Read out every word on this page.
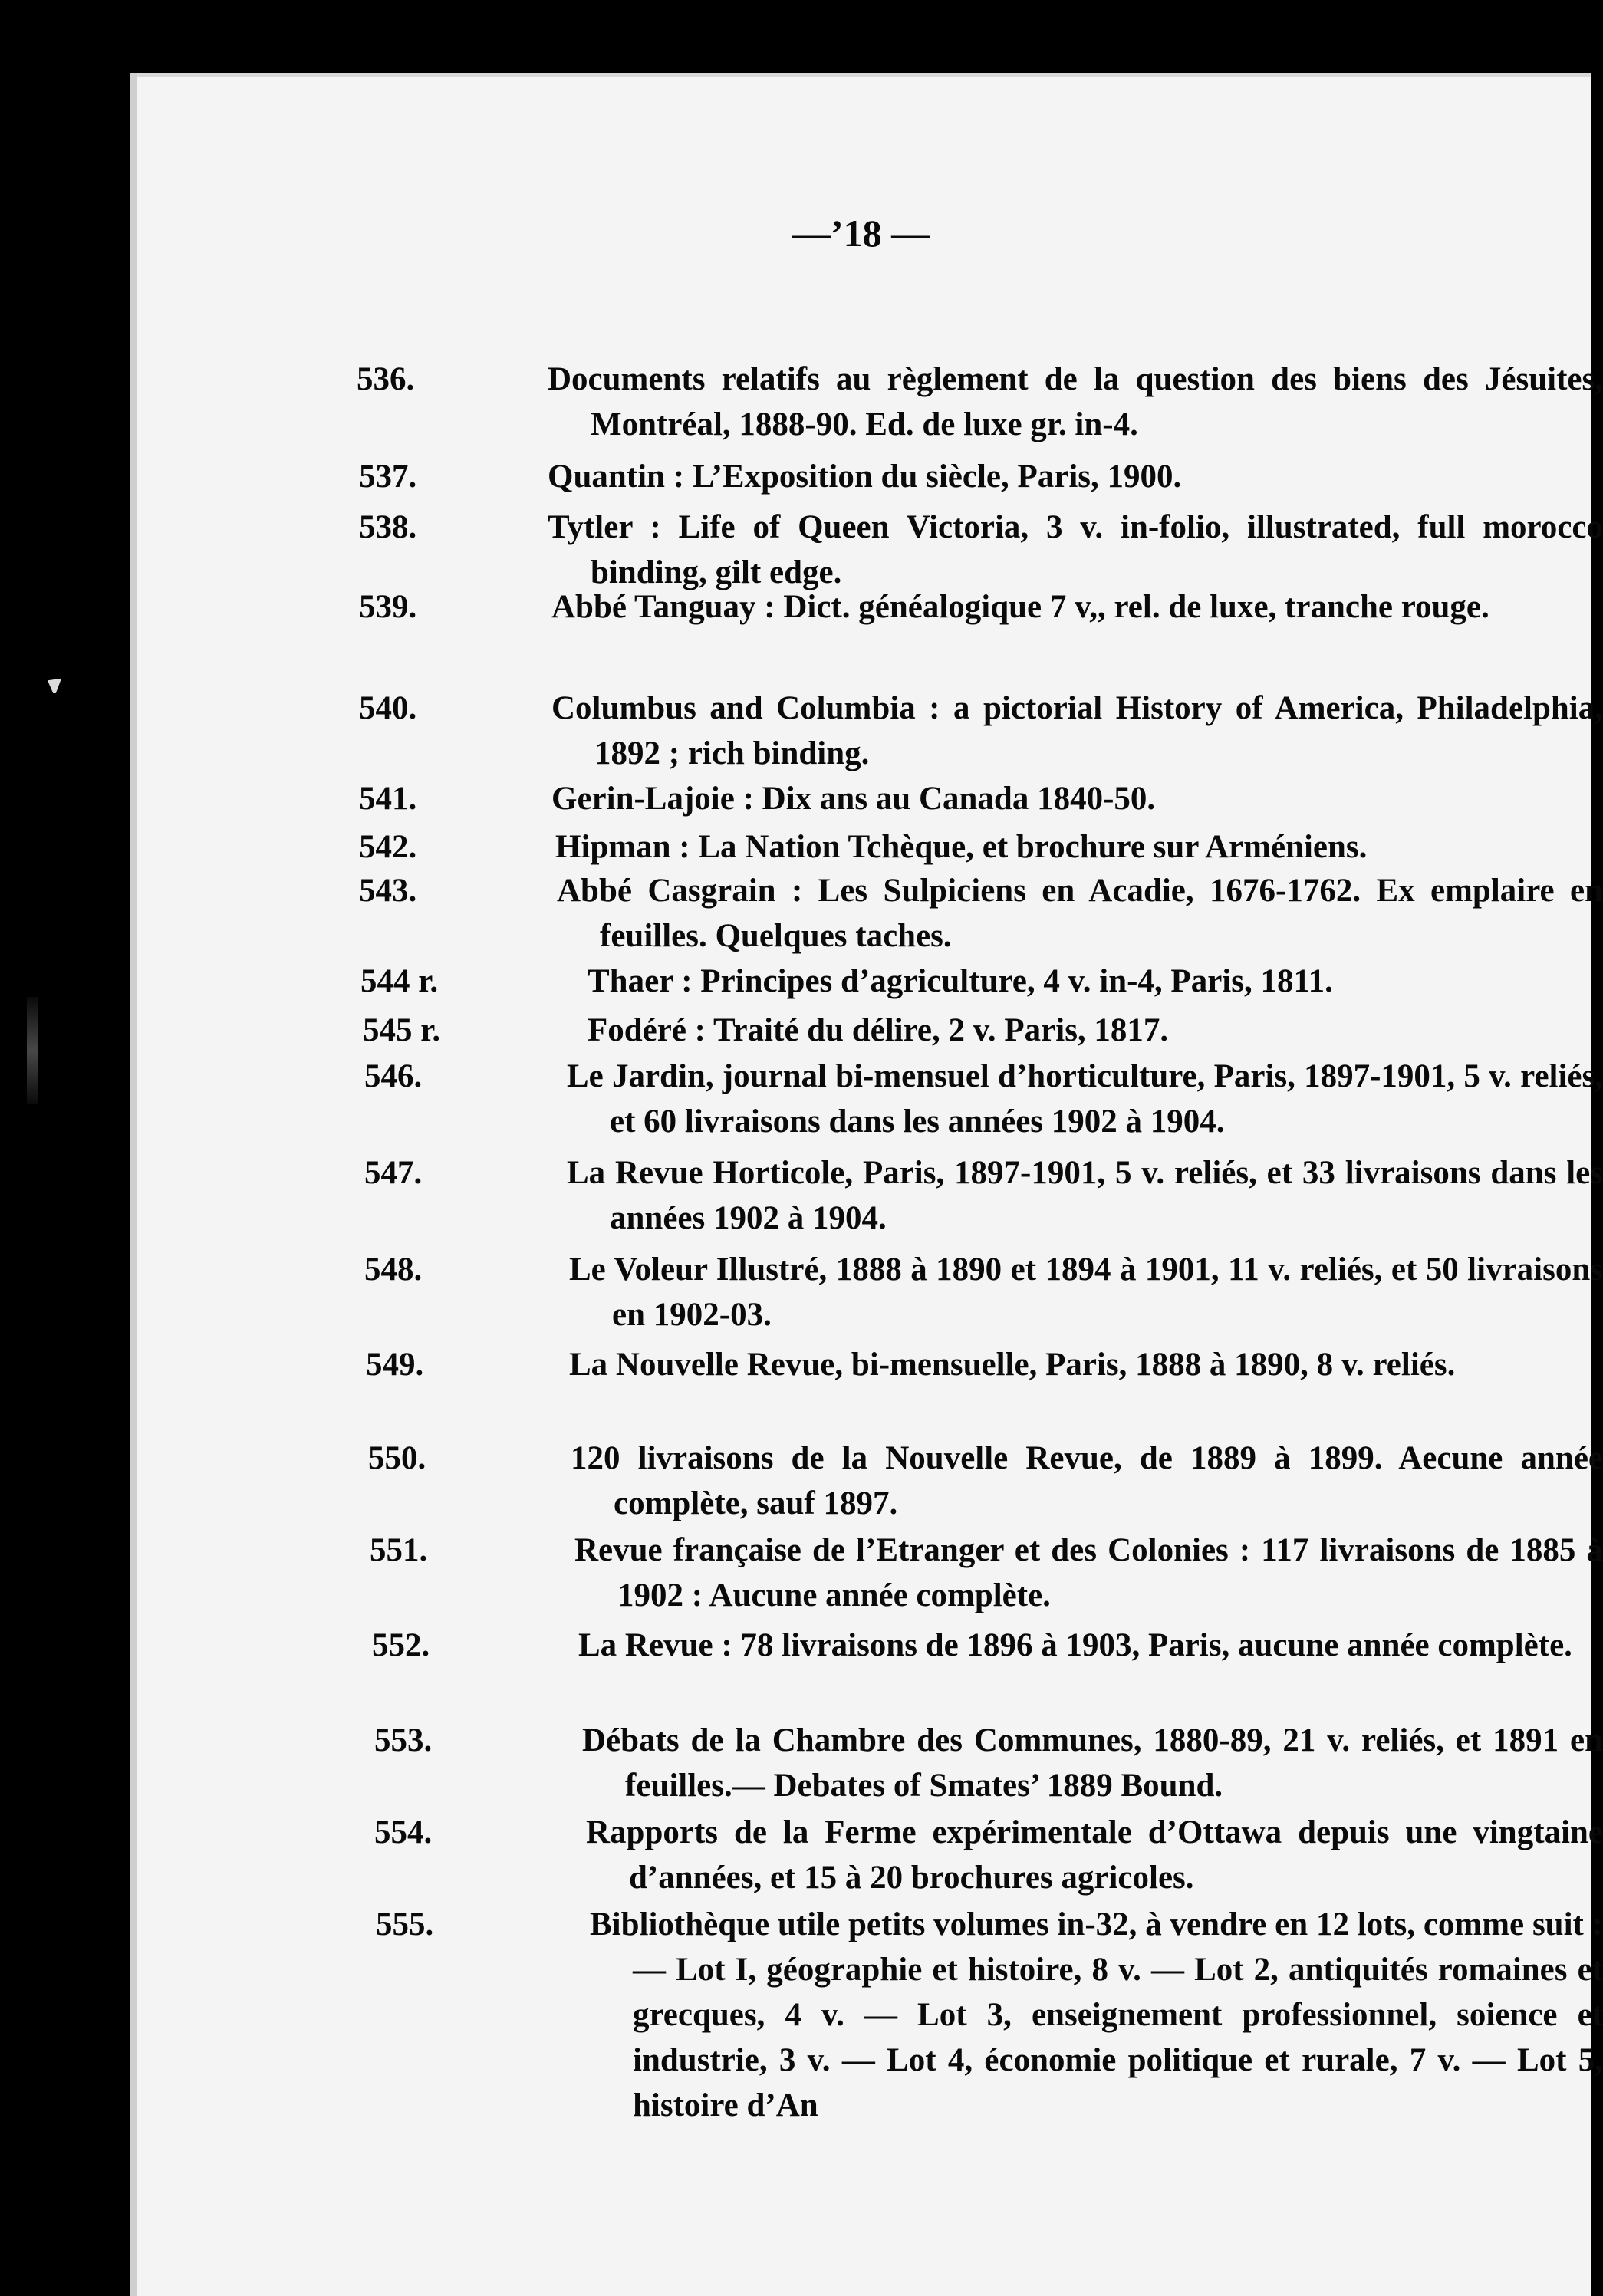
—’18 —
536.	Documents relatifs au règlement de la question des biens des Jésuites, Montréal, 1888-90. Ed. de luxe gr. in-4.
537.	Quantin : L’Exposition du siècle, Paris, 1900.
538.	Tytler : Life of Queen Victoria, 3 v. in-folio, illustrated, full morocco binding, gilt edge.
539.	Abbé Tanguay : Dict. généalogique 7 v,, rel. de luxe, tranche rouge.
540.	Columbus and Columbia : a pictorial History of America, Philadelphia, 1892 ; rich binding.
541.	Gerin-Lajoie : Dix ans au Canada 1840-50.
542.	Hipman : La Nation Tchèque, et brochure sur Arméniens.
543.	Abbé Casgrain : Les Sulpiciens en Acadie, 1676-1762. Ex emplaire en feuilles. Quelques taches.
544 r.	Thaer : Principes d’agriculture, 4 v. in-4, Paris, 1811.
545 r.	Fodéré : Traité du délire, 2 v. Paris, 1817.
546.	Le Jardin, journal bi-mensuel d’horticulture, Paris, 1897-1901, 5 v. reliés, et 60 livraisons dans les années 1902 à 1904.
547.	La Revue Horticole, Paris, 1897-1901, 5 v. reliés, et 33 livraisons dans les années 1902 à 1904.
548.	Le Voleur Illustré, 1888 à 1890 et 1894 à 1901, 11 v. reliés, et 50 livraisons en 1902-03.
549.	La Nouvelle Revue, bi-mensuelle, Paris, 1888 à 1890, 8 v. reliés.
550.	120 livraisons de la Nouvelle Revue, de 1889 à 1899. Aecune année complète, sauf 1897.
551.	Revue française de l’Etranger et des Colonies : 117 livraisons de 1885 à 1902 : Aucune année complète.
552.	La Revue : 78 livraisons de 1896 à 1903, Paris, aucune année complète.
553.	Débats de la Chambre des Communes, 1880-89, 21 v. reliés, et 1891 en feuilles.— Debates of Smates’ 1889 Bound.
554.	Rapports de la Ferme expérimentale d’Ottawa depuis une vingtaine d’années, et 15 à 20 brochures agricoles.
555.	Bibliothèque utile petits volumes in-32, à vendre en 12 lots, comme suit : — Lot I, géographie et histoire, 8 v. — Lot 2, antiquités romaines et grecques, 4 v. — Lot 3, enseignement professionnel, soience et industrie, 3 v. — Lot 4, économie politique et rurale, 7 v. — Lot 5, histoire d’An
